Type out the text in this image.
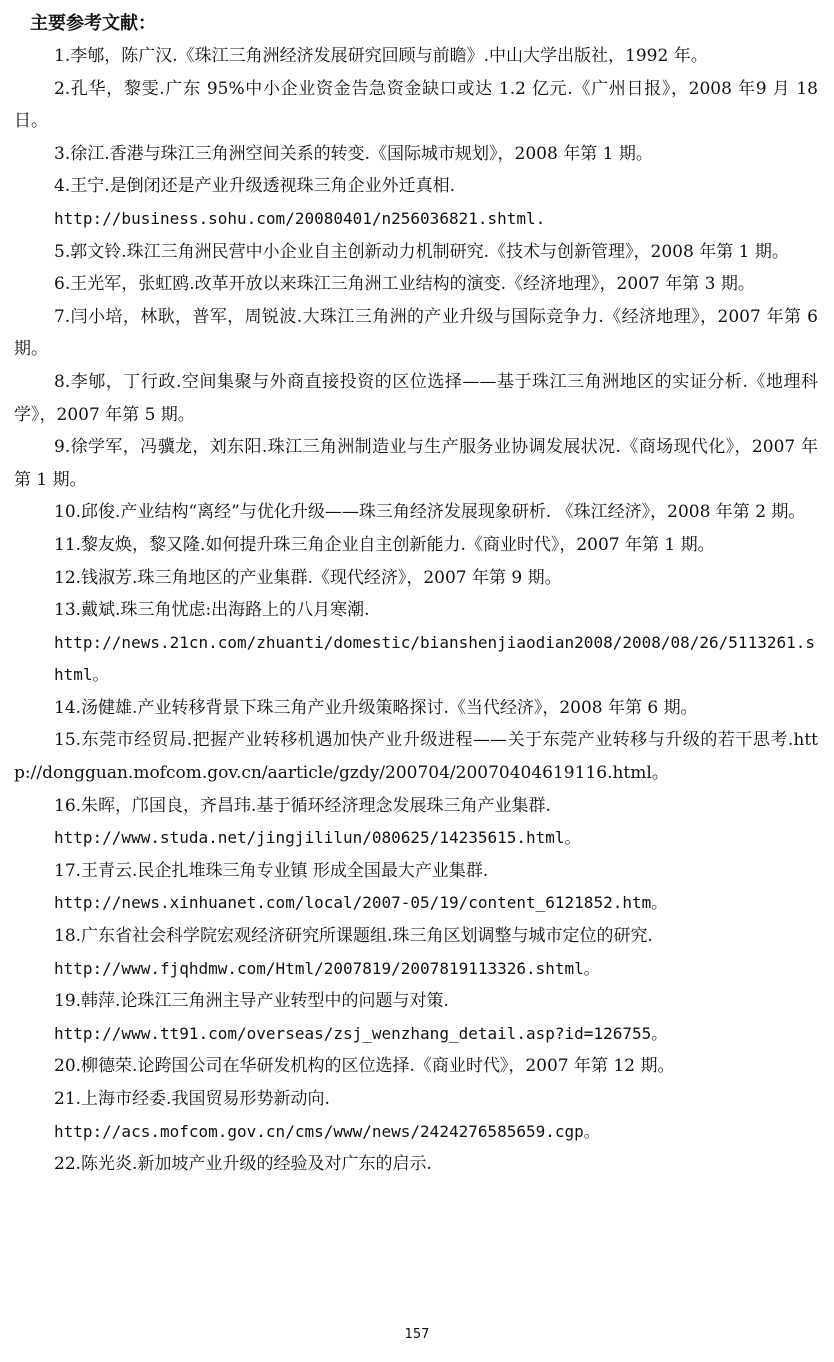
主要参考文献：
1.李郇，陈广汉.《珠江三角洲经济发展研究回顾与前瞻》.中山大学出版社，1992 年。
2.孔华，黎雯.广东 95%中小企业资金告急资金缺口或达 1.2 亿元.《广州日报》，2008 年9 月 18 日。
3.徐江.香港与珠江三角洲空间关系的转变.《国际城市规划》，2008 年第 1 期。
4.王宁.是倒闭还是产业升级透视珠三角企业外迁真相.
http://business.sohu.com/20080401/n256036821.shtml.
5.郭文铃.珠江三角洲民营中小企业自主创新动力机制研究.《技术与创新管理》，2008 年第 1 期。
6.王光军，张虹鸥.改革开放以来珠江三角洲工业结构的演变.《经济地理》，2007 年第 3 期。
7.闫小培，林耿，普军，周锐波.大珠江三角洲的产业升级与国际竞争力.《经济地理》，2007 年第 6 期。
8.李郇，丁行政.空间集聚与外商直接投资的区位选择——基于珠江三角洲地区的实证分析.《地理科学》，2007 年第 5 期。
9.徐学军，冯骥龙，刘东阳.珠江三角洲制造业与生产服务业协调发展状况.《商场现代化》，2007 年第 1 期。
10.邱俊.产业结构“离经”与优化升级——珠三角经济发展现象研析. 《珠江经济》，2008 年第 2 期。
11.黎友焕，黎又隆.如何提升珠三角企业自主创新能力.《商业时代》，2007 年第 1 期。
12.钱淑芳.珠三角地区的产业集群.《现代经济》，2007 年第 9 期。
13.戴斌.珠三角忧虑:出海路上的八月寒潮.
http://news.21cn.com/zhuanti/domestic/bianshenjiaodian2008/2008/08/26/5113261.shtml。
14.汤健雄.产业转移背景下珠三角产业升级策略探讨.《当代经济》，2008 年第 6 期。
15.东莞市经贸局.把握产业转移机遇加快产业升级进程——关于东莞产业转移与升级的若干思考.http://dongguan.mofcom.gov.cn/aarticle/gzdy/200704/20070404619116.html。
16.朱晖，邝国良，齐昌玮.基于循环经济理念发展珠三角产业集群.
http://www.studa.net/jingjililun/080625/14235615.html。
17.王青云.民企扎堆珠三角专业镇 形成全国最大产业集群.
http://news.xinhuanet.com/local/2007-05/19/content_6121852.htm。
18.广东省社会科学院宏观经济研究所课题组.珠三角区划调整与城市定位的研究.
http://www.fjqhdmw.com/Html/2007819/2007819113326.shtml。
19.韩萍.论珠江三角洲主导产业转型中的问题与对策.
http://www.tt91.com/overseas/zsj_wenzhang_detail.asp?id=126755。
20.柳德荣.论跨国公司在华研发机构的区位选择.《商业时代》，2007 年第 12 期。
21.上海市经委.我国贸易形势新动向.
http://acs.mofcom.gov.cn/cms/www/news/2424276585659.cgp。
22.陈光炎.新加坡产业升级的经验及对广东的启示.
157
